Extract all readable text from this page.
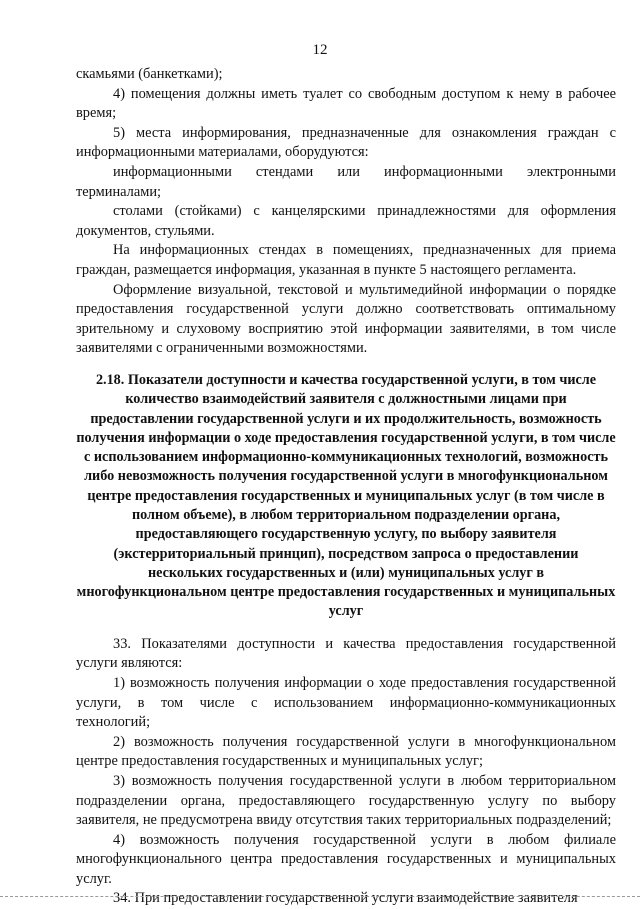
12

скамьями (банкетками);

4) помещения должны иметь туалет со свободным доступом к нему в рабочее время;

5) места информирования, предназначенные для ознакомления граждан с информационными материалами, оборудуются:

информационными стендами или информационными электронными терминалами;

столами (стойками) с канцелярскими принадлежностями для оформления документов, стульями.

На информационных стендах в помещениях, предназначенных для приема граждан, размещается информация, указанная в пункте 5 настоящего регламента.

Оформление визуальной, текстовой и мультимедийной информации о порядке предоставления государственной услуги должно соответствовать оптимальному зрительному и слуховому восприятию этой информации заявителями, в том числе заявителями с ограниченными возможностями.

2.18. Показатели доступности и качества государственной услуги, в том числе количество взаимодействий заявителя с должностными лицами при предоставлении государственной услуги и их продолжительность, возможность получения информации о ходе предоставления государственной услуги, в том числе с использованием информационно-коммуникационных технологий, возможность либо невозможность получения государственной услуги в многофункциональном центре предоставления государственных и муниципальных услуг (в том числе в полном объеме), в любом территориальном подразделении органа, предоставляющего государственную услугу, по выбору заявителя (экстерриториальный принцип), посредством запроса о предоставлении нескольких государственных и (или) муниципальных услуг в многофункциональном центре предоставления государственных и муниципальных услуг

33. Показателями доступности и качества предоставления государственной услуги являются:

1) возможность получения информации о ходе предоставления государственной услуги, в том числе с использованием информационно-коммуникационных технологий;

2) возможность получения государственной услуги в многофункциональном центре предоставления государственных и муниципальных услуг;

3) возможность получения государственной услуги в любом территориальном подразделении органа, предоставляющего государственную услугу по выбору заявителя, не предусмотрена ввиду отсутствия таких территориальных подразделений;

4) возможность получения государственной услуги в любом филиале многофункционального центра предоставления государственных и муниципальных услуг.

34. При предоставлении государственной услуги взаимодействие заявителя
